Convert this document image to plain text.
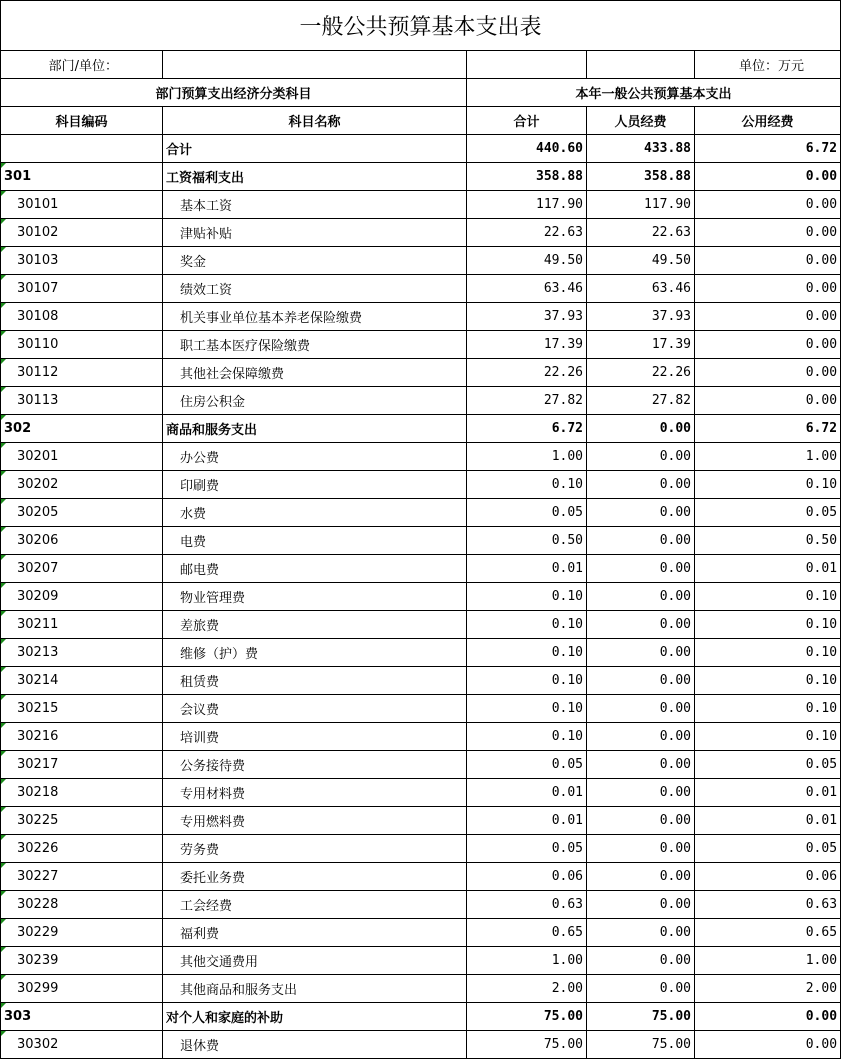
一般公共预算基本支出表				
部门/单位：				单位：万元
部门预算支出经济分类科目		本年一般公共预算基本支出		
科目编码	科目名称	合计	人员经费	公用经费
	合计	440.60	433.88	6.72

301	工资福利支出	358.88	358.88	0.00

30101	基本工资	117.90	117.90	0.00

30102	津贴补贴	22.63	22.63	0.00

30103	奖金	49.50	49.50	0.00

30107	绩效工资	63.46	63.46	0.00

30108	机关事业单位基本养老保险缴费	37.93	37.93	0.00

30110	职工基本医疗保险缴费	17.39	17.39	0.00

30112	其他社会保障缴费	22.26	22.26	0.00

30113	住房公积金	27.82	27.82	0.00

302	商品和服务支出	6.72	0.00	6.72

30201	办公费	1.00	0.00	1.00

30202	印刷费	0.10	0.00	0.10

30205	水费	0.05	0.00	0.05

30206	电费	0.50	0.00	0.50

30207	邮电费	0.01	0.00	0.01

30209	物业管理费	0.10	0.00	0.10

30211	差旅费	0.10	0.00	0.10

30213	维修（护）费	0.10	0.00	0.10

30214	租赁费	0.10	0.00	0.10

30215	会议费	0.10	0.00	0.10

30216	培训费	0.10	0.00	0.10

30217	公务接待费	0.05	0.00	0.05

30218	专用材料费	0.01	0.00	0.01

30225	专用燃料费	0.01	0.00	0.01

30226	劳务费	0.05	0.00	0.05

30227	委托业务费	0.06	0.00	0.06

30228	工会经费	0.63	0.00	0.63

30229	福利费	0.65	0.00	0.65

30239	其他交通费用	1.00	0.00	1.00

30299	其他商品和服务支出	2.00	0.00	2.00

303	对个人和家庭的补助	75.00	75.00	0.00

30302	退休费	75.00	75.00	0.00
